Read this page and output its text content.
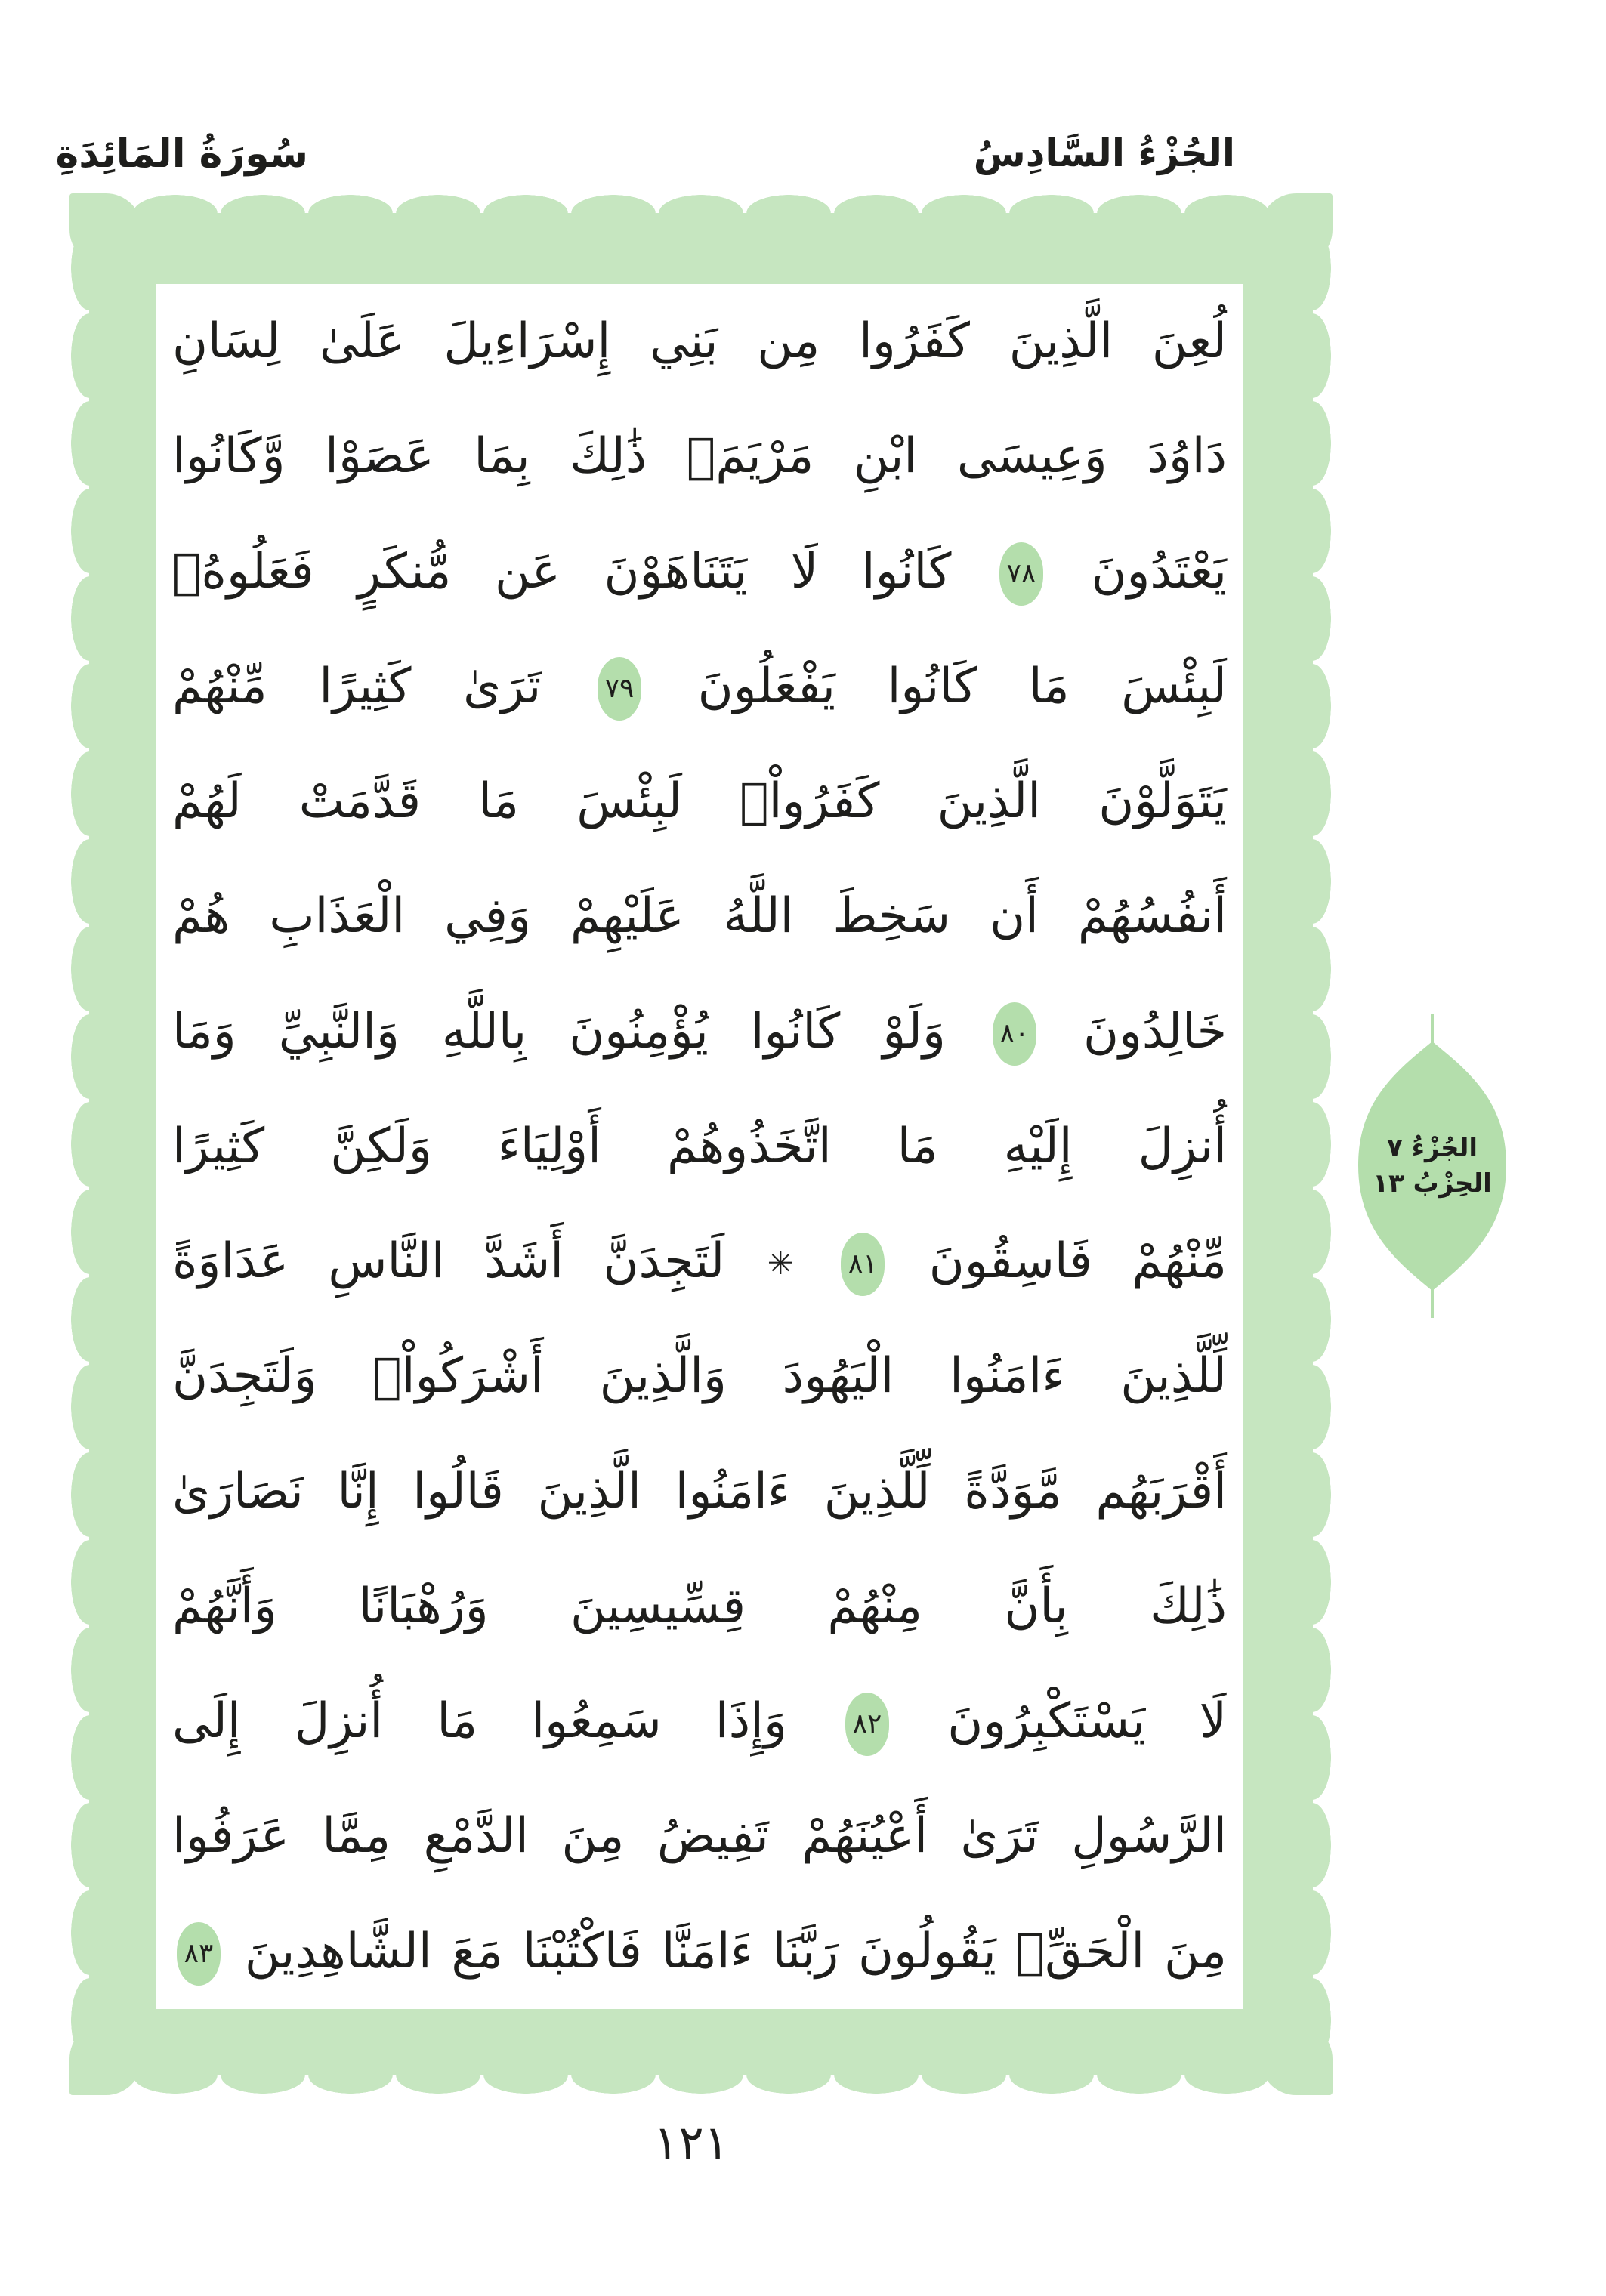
سُورَةُ المَائِدَةِ	الجُزْءُ السَّادِسُ
لُعِنَ الَّذِينَ كَفَرُوا مِن بَنِي إِسْرَاءِيلَ عَلَىٰ لِسَانِ
دَاوُدَ وَعِيسَى ابْنِ مَرْيَمَۚ ذَٰلِكَ بِمَا عَصَوْا وَّكَانُوا
يَعْتَدُونَ ٧٨ كَانُوا لَا يَتَنَاهَوْنَ عَن مُّنكَرٍ فَعَلُوهُۚ
لَبِئْسَ مَا كَانُوا يَفْعَلُونَ ٧٩ تَرَىٰ كَثِيرًا مِّنْهُمْ
يَتَوَلَّوْنَ الَّذِينَ كَفَرُواْۚ لَبِئْسَ مَا قَدَّمَتْ لَهُمْ
أَنفُسُهُمْ أَن سَخِطَ اللَّهُ عَلَيْهِمْ وَفِي الْعَذَابِ هُمْ
خَالِدُونَ ٨٠ وَلَوْ كَانُوا يُؤْمِنُونَ بِاللَّهِ وَالنَّبِيِّ وَمَا
أُنزِلَ إِلَيْهِ مَا اتَّخَذُوهُمْ أَوْلِيَاءَ وَلَكِنَّ كَثِيرًا
مِّنْهُمْ فَاسِقُونَ ٨١ ✳ لَتَجِدَنَّ أَشَدَّ النَّاسِ عَدَاوَةً
لِّلَّذِينَ ءَامَنُوا الْيَهُودَ وَالَّذِينَ أَشْرَكُواْۖ وَلَتَجِدَنَّ
أَقْرَبَهُم مَّوَدَّةً لِّلَّذِينَ ءَامَنُوا الَّذِينَ قَالُوا إِنَّا نَصَارَىٰ
ذَٰلِكَ بِأَنَّ مِنْهُمْ قِسِّيسِينَ وَرُهْبَانًا وَأَنَّهُمْ
لَا يَسْتَكْبِرُونَ ٨٢ وَإِذَا سَمِعُوا مَا أُنزِلَ إِلَى
الرَّسُولِ تَرَىٰ أَعْيُنَهُمْ تَفِيضُ مِنَ الدَّمْعِ مِمَّا عَرَفُوا
مِنَ الْحَقِّۖ يَقُولُونَ رَبَّنَا ءَامَنَّا فَاكْتُبْنَا مَعَ الشَّاهِدِينَ ٨٣
الجُزْءُ ٧
الحِزْبُ ١٣
١٢١
